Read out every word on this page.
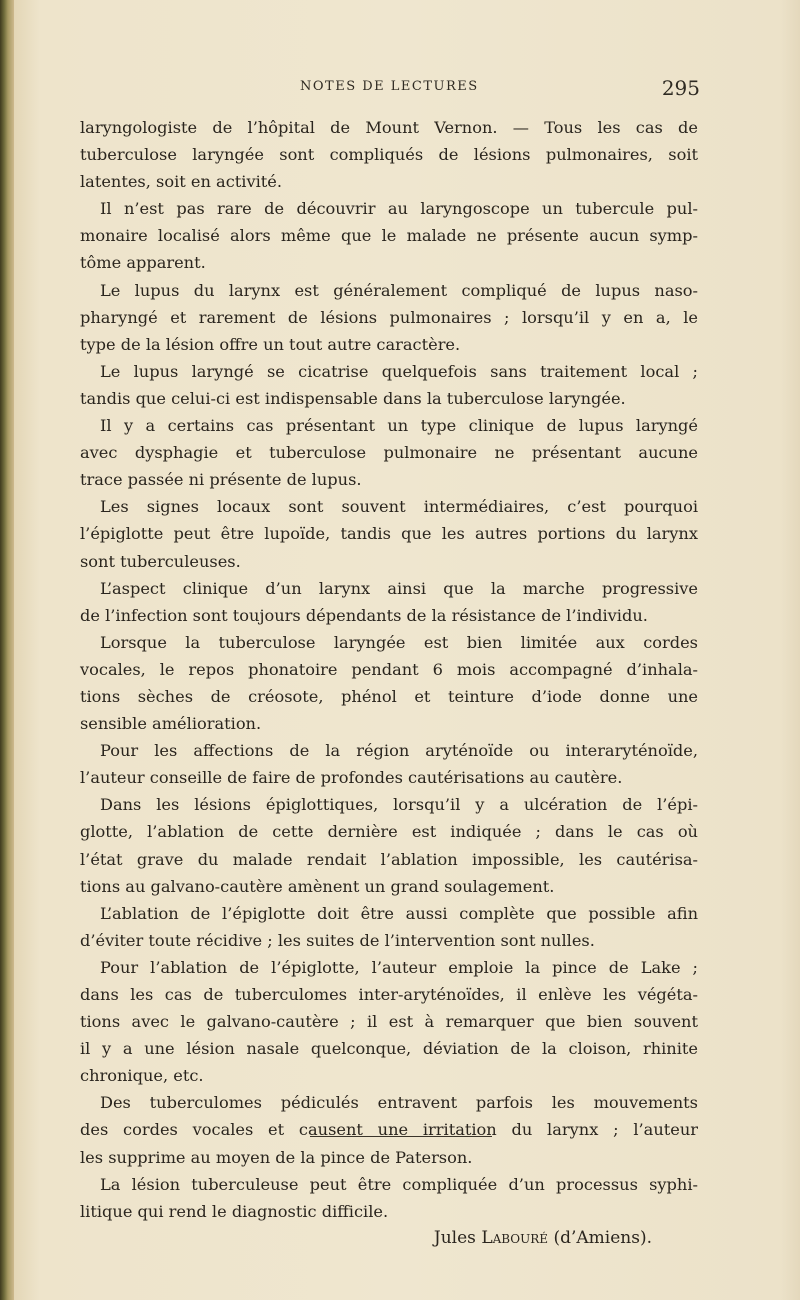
NOTES DE LECTURES	295
laryngologiste de l’hôpital de Mount Vernon. — Tous les cas de
tuberculose laryngée sont compliqués de lésions pulmonaires, soit
latentes, soit en activité.
Il n’est pas rare de découvrir au laryngoscope un tubercule pul-
monaire localisé alors même que le malade ne présente aucun symp-
tôme apparent.
Le lupus du larynx est généralement compliqué de lupus naso-
pharyngé et rarement de lésions pulmonaires ; lorsqu’il y en a, le
type de la lésion offre un tout autre caractère.
Le lupus laryngé se cicatrise quelquefois sans traitement local ;
tandis que celui-ci est indispensable dans la tuberculose laryngée.
Il y a certains cas présentant un type clinique de lupus laryngé
avec dysphagie et tuberculose pulmonaire ne présentant aucune
trace passée ni présente de lupus.
Les signes locaux sont souvent intermédiaires, c’est pourquoi
l’épiglotte peut être lupoïde, tandis que les autres portions du larynx
sont tuberculeuses.
L’aspect clinique d’un larynx ainsi que la marche progressive
de l’infection sont toujours dépendants de la résistance de l’individu.
Lorsque la tuberculose laryngée est bien limitée aux cordes
vocales, le repos phonatoire pendant 6 mois accompagné d’inhala-
tions sèches de créosote, phénol et teinture d’iode donne une
sensible amélioration.
Pour les affections de la région aryténoïde ou interaryténoïde,
l’auteur conseille de faire de profondes cautérisations au cautère.
Dans les lésions épiglottiques, lorsqu’il y a ulcération de l’épi-
glotte, l’ablation de cette dernière est indiquée ; dans le cas où
l’état grave du malade rendait l’ablation impossible, les cautérisa-
tions au galvano-cautère amènent un grand soulagement.
L’ablation de l’épiglotte doit être aussi complète que possible afin
d’éviter toute récidive ; les suites de l’intervention sont nulles.
Pour l’ablation de l’épiglotte, l’auteur emploie la pince de Lake ;
dans les cas de tuberculomes inter-aryténoïdes, il enlève les végéta-
tions avec le galvano-cautère ; il est à remarquer que bien souvent
il y a une lésion nasale quelconque, déviation de la cloison, rhinite
chronique, etc.
Des tuberculomes pédiculés entravent parfois les mouvements
des cordes vocales et causent une irritation du larynx ; l’auteur
les supprime au moyen de la pince de Paterson.
La lésion tuberculeuse peut être compliquée d’un processus syphi-
litique qui rend le diagnostic difficile.
Jules Labouré (d’Amiens).
